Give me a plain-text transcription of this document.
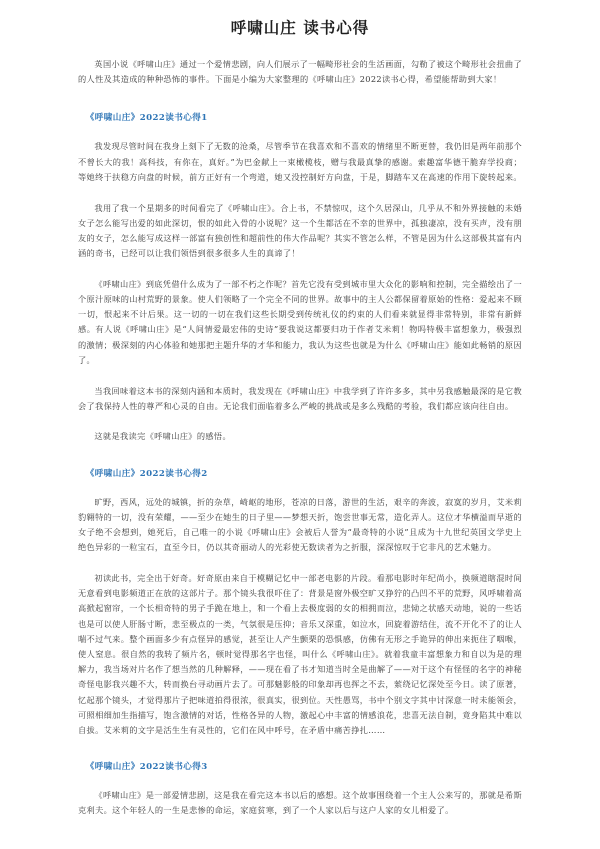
呼啸山庄 读书心得

英国小说《呼啸山庄》通过一个爱情悲剧，向人们展示了一幅畸形社会的生活画面，勾勒了被这个畸形社会扭曲了的人性及其造成的种种恐怖的事件。下面是小编为大家整理的《呼啸山庄》2022读书心得，希望能帮助到大家！

《呼啸山庄》2022读书心得1

我发现尽管时间在我身上刻下了无数的沧桑，尽管季节在我喜欢和不喜欢的情绪里不断更替，我仍旧是两年前那个不曾长大的我！高科技，有你在，真好。”为巴金献上一束橄榄枝，赠与我最真挚的感谢。索趣富华德干脆弃学投商；等她终于扶稳方向盘的时候，前方正好有一个弯道，她又没控制好方向盘，于是，脚踏车又在高速的作用下旋转起来。

我用了我一个星期多的时间看完了《呼啸山庄》。合上书，不禁惊叹，这个久居深山，几乎从不和外界接触的未婚女子怎么能写出爱的如此深切，恨的如此入骨的小说呢？这一个生都活在不幸的世界中，孤独凄凉，没有买声，没有朋友的女子，怎么能写成这样一部富有独创性和超前性的伟大作品呢？其实不管怎么样，不管是因为什么这部极其富有内涵的奇书，已经可以让我们领悟到很多很多人生的真谛了！

《呼啸山庄》到底凭借什么成为了一部不朽之作呢？首先它没有受到城市里大众化的影响和控制，完全描绘出了一个原汁原味的山村荒野的景象。使人们领略了一个完全不同的世界。故事中的主人公都保留着原始的性格：爱起来不顾一切，恨起来不计后果。这一切的一切在我们这些长期受到传统礼仪的约束的人们看来就显得非常特别，非常有新鲜感。有人说《呼啸山庄》是“人间情爱最宏伟的史诗”要我说这都要归功于作者艾米莉！物吗特极丰富想象力，极强烈的激情；极深刻的内心体验和她那把主题升华的才华和能力，我认为这些也就是为什么《呼啸山庄》能如此畅销的原因了。

当我回味着这本书的深刻内涵和本质时，我发现在《呼啸山庄》中我学到了许许多多，其中另我感触最深的是它教会了我保持人性的尊严和心灵的自由。无论我们面临着多么严峻的挑战或是多么残酷的考验，我们都应该向往自由。

这就是我读完《呼啸山庄》的感悟。

《呼啸山庄》2022读书心得2

旷野，西风，远处的城镇，折的杂草，崎岖的地形，苍凉的日落，游世的生活，艰辛的奔波，寂寞的岁月，艾米莉豹翱特的一切，没有荣耀，——至少在她生的日子里——梦想天折，饱尝世事无常，造化弄人。这位才华横溢而早逝的女子绝不会想到，她死后，自己唯一的小说《呼啸山庄》会被后人誉为“最奇特的小说”且成为十九世纪英国文学史上绝色异彩的一粒宝石，直至今日，仍以其奇丽动人的光彩使无数读者为之折服，深深惊叹于它非凡的艺术魅力。

初读此书，完全出于好奇。好奇原由来自于模糊记忆中一部老电影的片段。看那电影时年纪尚小，换频道瞎混时间无意看到电影频道正在放的这部片子。那个镜头我很吓住了：背景是窗外极空旷又狰狞的凸凹不平的荒野，风呼啸着高高掀起窗帘，一个长相奇特的男子手跪在地上，和一个看上去极度弱的女的相拥而泣，悲恸之状感天动地，说的一些话也是可以使人肝肠寸断，悲至极点的一类，气氛很是压抑；音乐又深重，如泣水，回旋着游结住，流不开化不了的让人喘不过气来。整个画面多少有点怪异的感觉，甚至让人产生颤栗的恐惧感，仿佛有无形之手诡异的伸出来扼住了咽喉，使人窒息。很自然的我转了频片名，顿时觉得那名字也怪，叫什么《呼啸山庄》。就着我童丰富想象力和自以为是的理解力，我当场对片名作了想当然的几种解释，——现在看了书才知道当时全是曲解了——对于这个有怪怪的名字的神秘奇怪电影我兴趣不大，转而换台寻动画片去了。可那魅影般的印象却再也挥之不去，萦绕记忆深处至今日。读了原著，忆起那个镜头，才觉得那片子把味道拍得很浓，很真实，很到位。天性愚骂，书中个别文字其中讨深意一时未能领会，可照相细加生指描写，饱含激情的对话，性格各异的人物，激起心中丰富的情感浪花，悲喜无法自制，竟身陷其中难以自拔。艾米莉的文字是活生生有灵性的，它们在风中呼号，在矛盾中痛苦挣扎……

《呼啸山庄》2022读书心得3

《呼啸山庄》是一部爱情悲剧，这是我在看完这本书以后的感想。这个故事围绕着一个主人公来写的，那就是希斯克利夫。这个年轻人的一生是悲惨的命运，家庭贫寒，到了一个人家以后与这户人家的女儿相爱了。
